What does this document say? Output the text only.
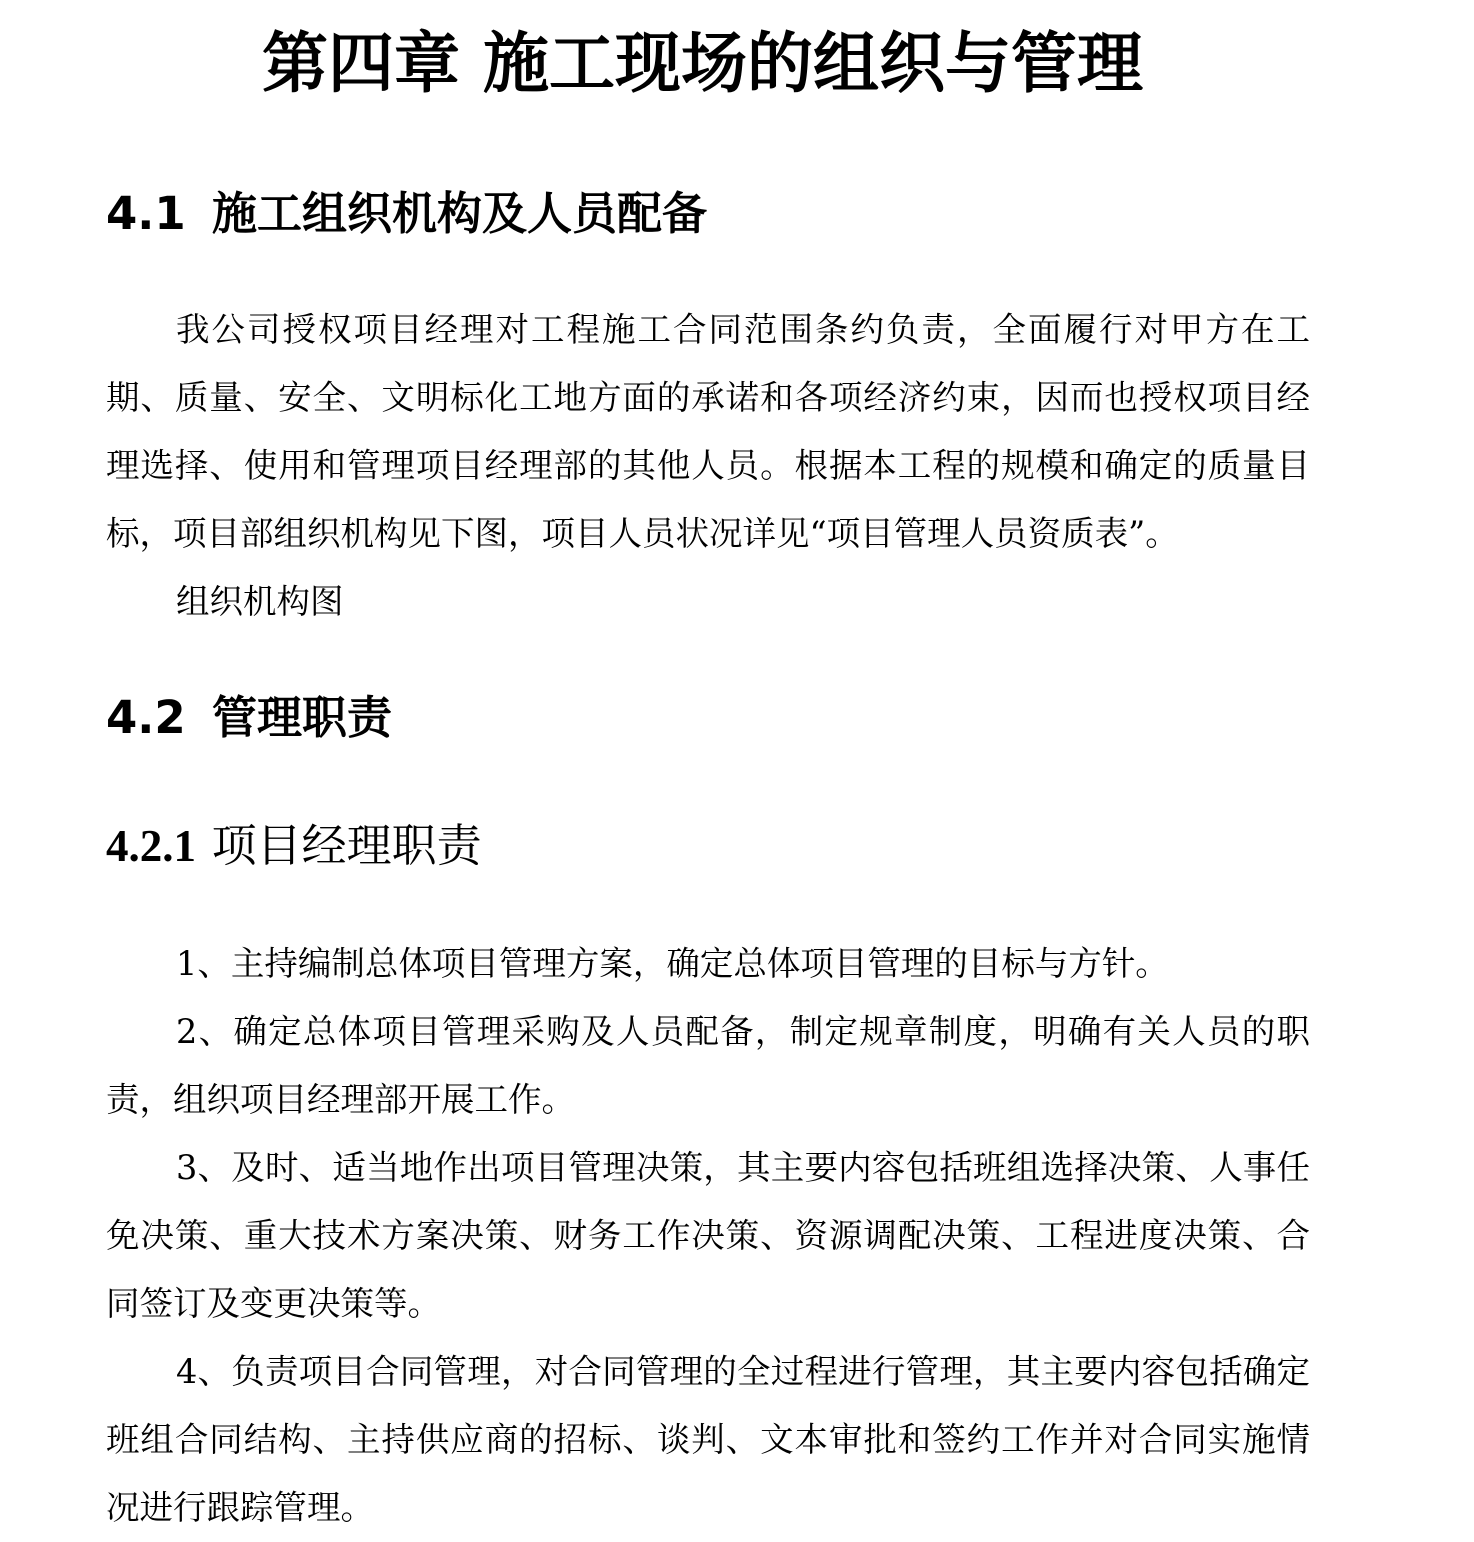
第四章 施工现场的组织与管理
4.1 施工组织机构及人员配备
我公司授权项目经理对工程施工合同范围条约负责，全面履行对甲方在工期、质量、安全、文明标化工地方面的承诺和各项经济约束，因而也授权项目经理选择、使用和管理项目经理部的其他人员。根据本工程的规模和确定的质量目标，项目部组织机构见下图，项目人员状况详见“项目管理人员资质表”。
组织机构图
4.2 管理职责
4.2.1 项目经理职责
1、主持编制总体项目管理方案，确定总体项目管理的目标与方针。
2、确定总体项目管理采购及人员配备，制定规章制度，明确有关人员的职责，组织项目经理部开展工作。
3、及时、适当地作出项目管理决策，其主要内容包括班组选择决策、人事任免决策、重大技术方案决策、财务工作决策、资源调配决策、工程进度决策、合同签订及变更决策等。
4、负责项目合同管理，对合同管理的全过程进行管理，其主要内容包括确定班组合同结构、主持供应商的招标、谈判、文本审批和签约工作并对合同实施情况进行跟踪管理。
